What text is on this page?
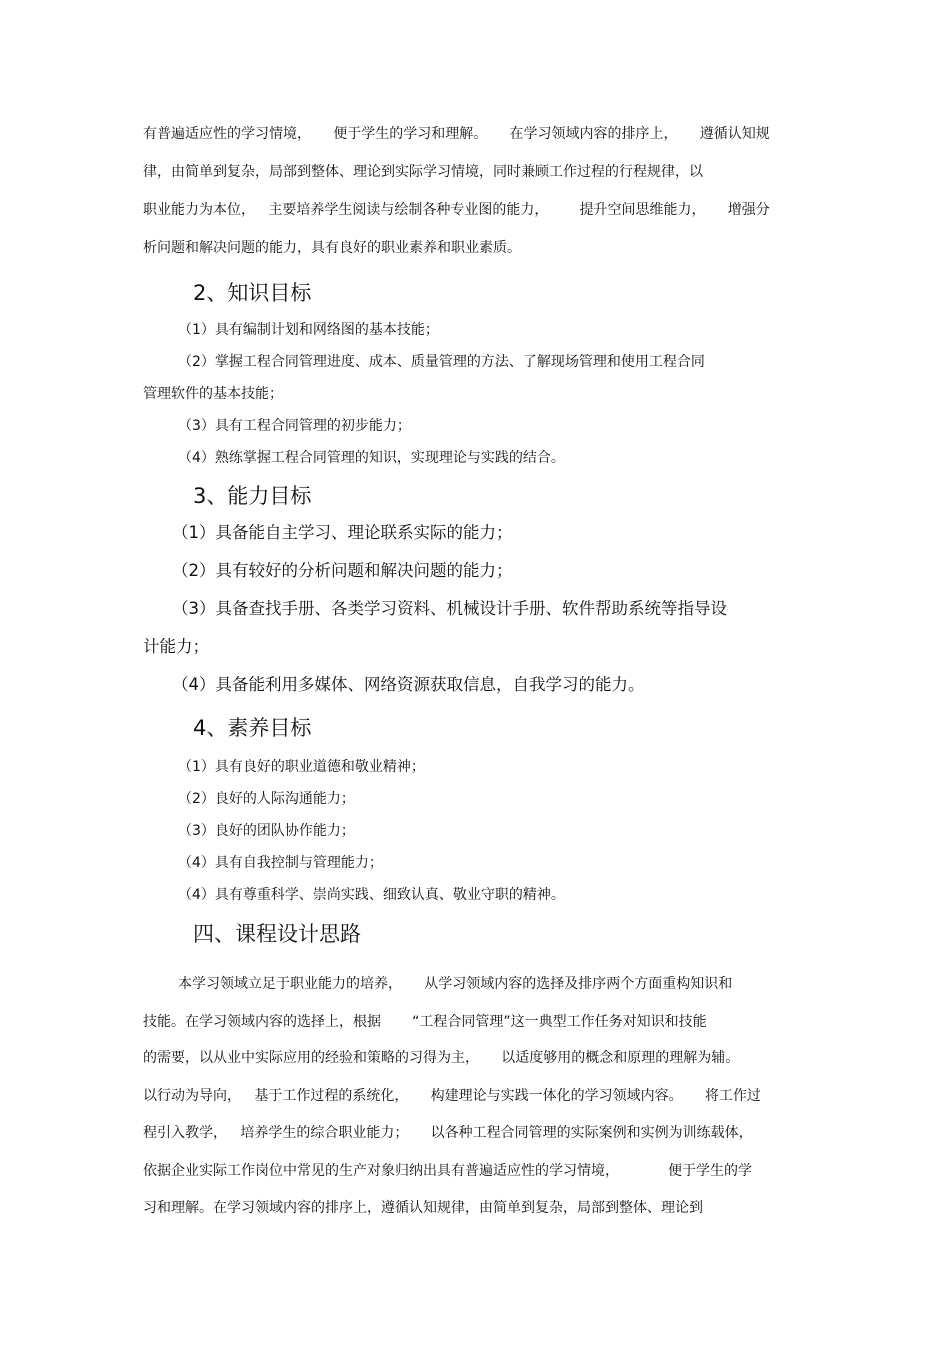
有普遍适应性的学习情境，     便于学生的学习和理解。     在学习领域内容的排序上，     遵循认知规
律，由简单到复杂，局部到整体、理论到实际学习情境，同时兼顾工作过程的行程规律，以
职业能力为本位，   主要培养学生阅读与绘制各种专业图的能力，       提升空间思维能力，     增强分
析问题和解决问题的能力，具有良好的职业素养和职业素质。
2、知识目标
（1）具有编制计划和网络图的基本技能；
（2）掌握工程合同管理进度、成本、质量管理的方法、了解现场管理和使用工程合同
管理软件的基本技能；
（3）具有工程合同管理的初步能力；
（4）熟练掌握工程合同管理的知识，实现理论与实践的结合。
3、能力目标
（1）具备能自主学习、理论联系实际的能力；
（2）具有较好的分析问题和解决问题的能力；
（3）具备查找手册、各类学习资料、机械设计手册、软件帮助系统等指导设
计能力；
（4）具备能利用多媒体、网络资源获取信息，自我学习的能力。
4、素养目标
（1）具有良好的职业道德和敬业精神；
（2）良好的人际沟通能力；
（3）良好的团队协作能力；
（4）具有自我控制与管理能力；
（4）具有尊重科学、崇尚实践、细致认真、敬业守职的精神。
四、课程设计思路
本学习领域立足于职业能力的培养，     从学习领域内容的选择及排序两个方面重构知识和
技能。在学习领域内容的选择上，根据       “工程合同管理”这一典型工作任务对知识和技能
的需要，以从业中实际应用的经验和策略的习得为主，     以适度够用的概念和原理的理解为辅。
以行动为导向，   基于工作过程的系统化，     构建理论与实践一体化的学习领域内容。     将工作过
程引入教学，   培养学生的综合职业能力；     以各种工程合同管理的实际案例和实例为训练载体，
依据企业实际工作岗位中常见的生产对象归纳出具有普遍适应性的学习情境，           便于学生的学
习和理解。在学习领域内容的排序上，遵循认知规律，由简单到复杂，局部到整体、理论到
